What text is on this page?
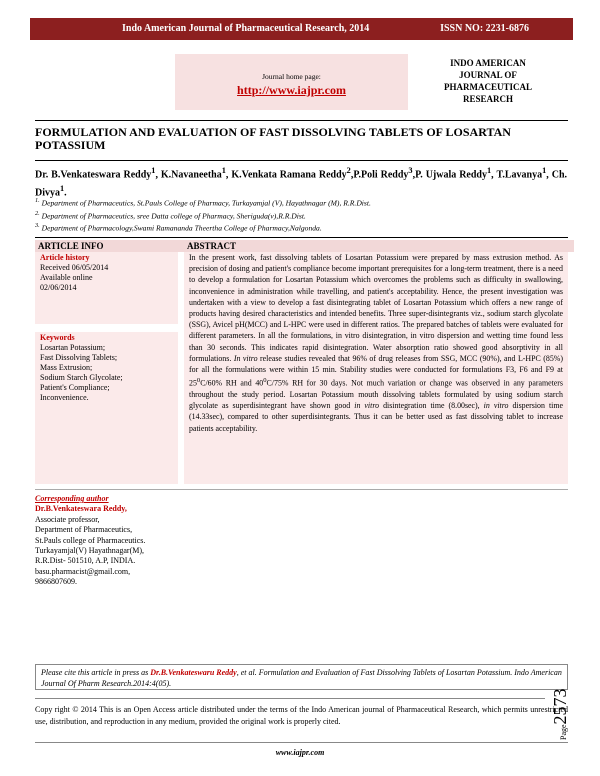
Indo American Journal of Pharmaceutical Research, 2014	ISSN NO: 2231-6876
Journal home page:
http://www.iajpr.com
INDO AMERICAN
JOURNAL OF
PHARMACEUTICAL
RESEARCH
FORMULATION AND EVALUATION OF FAST DISSOLVING TABLETS OF LOSARTAN POTASSIUM
Dr. B.Venkateswara Reddy$^1$, K.Navaneetha$^1$, K.Venkata Ramana Reddy$^2$,P.Poli Reddy$^3$,P. Ujwala Reddy$^1$, T.Lavanya$^1$, Ch. Divya$^1$.
$^{1.}$ Department of Pharmaceutics, St.Pauls College of Pharmacy, Turkayamjal (V), Hayathnagar (M), R.R.Dist.
$^{2.}$ Department of Pharmaceutics, sree Datta college of Pharmacy, Sheriguda(v),R.R.Dist.
$^{3.}$ Department of Pharmacology,Swami Ramananda Theertha College of Pharmacy,Nalgonda.
ARTICLE INFO	ABSTRACT
Article history
Received 06/05/2014
Available online
02/06/2014
Keywords
Losartan Potassium;
Fast Dissolving Tablets;
Mass Extrusion;
Sodium Starch Glycolate;
Patient's Compliance;
Inconvenience.
In the present work, fast dissolving tablets of Losartan Potassium were prepared by mass extrusion method. As precision of dosing and patient's compliance become important prerequisites for a long-term treatment, there is a need to develop a formulation for Losartan Potassium which overcomes the problems such as difficulty in swallowing, inconvenience in administration while travelling, and patient's acceptability. Hence, the present investigation was undertaken with a view to develop a fast disintegrating tablet of Losartan Potassium which offers a new range of products having desired characteristics and intended benefits. Three super-disintegrants viz., sodium starch glycolate (SSG), Avicel pH(MCC) and L-HPC were used in different ratios. The prepared batches of tablets were evaluated for different parameters. In all the formulations, in vitro disintegration, in vitro dispersion and wetting time found less than 30 seconds. This indicates rapid disintegration. Water absorption ratio showed good absorptivity in all formulations. In vitro release studies revealed that 96% of drug releases from SSG, MCC (90%), and L-HPC (85%) for all the formulations were within 15 min. Stability studies were conducted for formulations F3, F6 and F9 at $25^0C/60\%$ RH and $40^0C/75\%$ RH for 30 days. Not much variation or change was observed in any parameters throughout the study period. Losartan Potassium mouth dissolving tablets formulated by using sodium starch glycolate as superdisintegrant have shown good in vitro disintegration time (8.00sec), in vitro dispersion time (14.33sec), compared to other superdisintegrants. Thus it can be better used as fast dissolving tablet to increase patients acceptability.
Corresponding author
Dr.B.Venkateswara Reddy,
Associate professor,
Department of Pharmaceutics,
St.Pauls college of Pharmaceutics.
Turkayamjal(V) Hayathnagar(M),
R.R.Dist- 501510, A.P, INDIA.
basu.pharmacist@gmail.com,
9866807609.
Please cite this article in press as Dr.B.Venkateswaru Reddy, et al. Formulation and Evaluation of Fast Dissolving Tablets of Losartan Potassium. Indo American Journal Of Pharm Research.2014:4(05).
Copy right © 2014 This is an Open Access article distributed under the terms of the Indo American journal of Pharmaceutical Research, which permits unrestricted use, distribution, and reproduction in any medium, provided the original work is properly cited.
www.iajpr.com
Page2573
